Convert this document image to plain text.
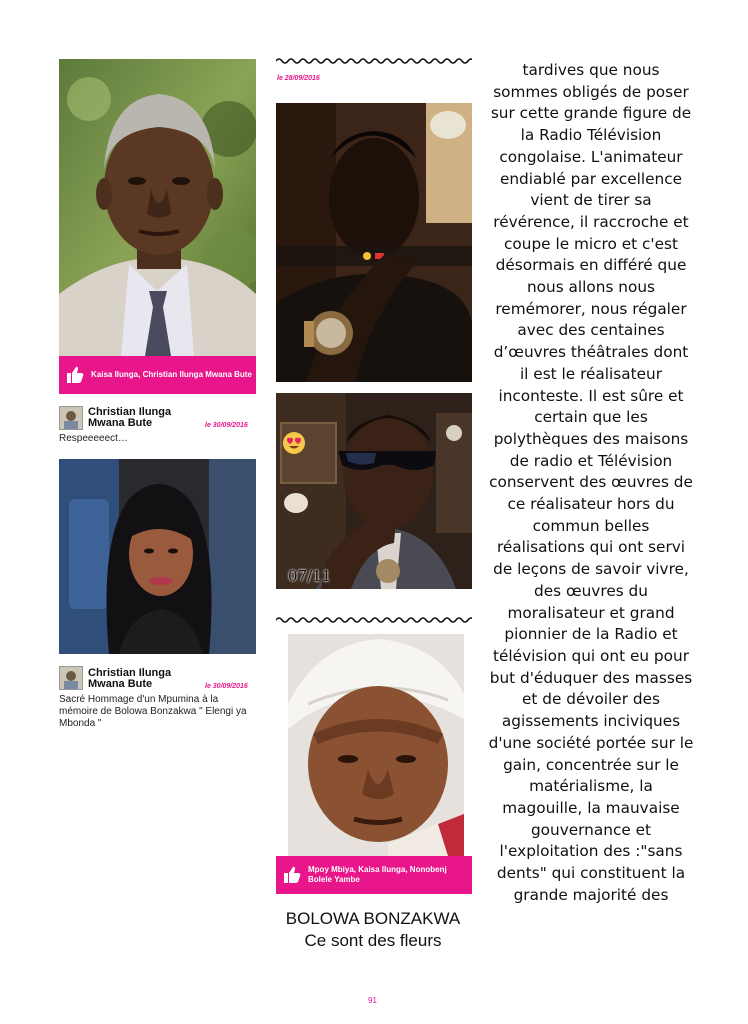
Kaisa Ilunga, Christian Ilunga Mwana Bute
Christian Ilunga Mwana Bute	le 30/09/2016
Respeeeeect…
Christian Ilunga Mwana Bute	le 30/09/2016
Sacré Hommage d'un Mpumina à la mémoire de Bolowa Bonzakwa " Elengi ya Mbonda "
le 28/09/2016
07/11
Mpoy Mbiya, Kaisa Ilunga, Nonobenj Bolele Yambe
BOLOWA BONZAKWA
Ce sont des fleurs
tardives que nous sommes obligés de poser sur cette grande figure de la Radio Télévision congolaise. L'animateur endiablé par excellence vient de tirer sa révérence, il raccroche et coupe le micro et c'est désormais en différé que nous allons nous remémorer, nous régaler avec des centaines d’œuvres théâtrales dont il est le réalisateur inconteste. Il est sûre et certain que les polythèques des maisons de radio et Télévision conservent des œuvres de ce réalisateur hors du commun belles réalisations qui ont servi de leçons de savoir vivre, des œuvres du moralisateur et grand pionnier de la Radio et télévision qui ont eu pour but d'éduquer des masses et de dévoiler des agissements inciviques d'une société portée sur le gain, concentrée sur le matérialisme, la magouille, la mauvaise gouvernance et l'exploitation des :"sans dents" qui constituent la grande majorité des
91
